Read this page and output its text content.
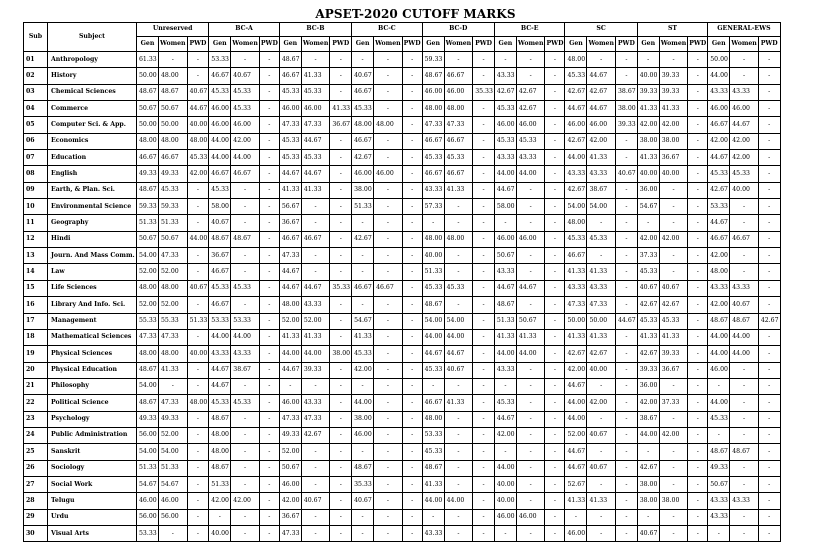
APSET-2020 CUTOFF MARKS
Sub	Subject	Unreserved			BC-A			BC-B			BC-C			BC-D			BC-E			SC			ST			GENERAL-EWS		
		Gen	Women	PWD	Gen	Women	PWD	Gen	Women	PWD	Gen	Women	PWD	Gen	Women	PWD	Gen	Women	PWD	Gen	Women	PWD	Gen	Women	PWD	Gen	Women	PWD
01	Anthropology	61.33	-	-	53.33	-	-	48.67	-	-	-	-	-	59.33	-	-	-	-	-	48.00	-	-	-	-	-	50.00	-	-
02	History	50.00	48.00	-	46.67	40.67	-	46.67	41.33	-	40.67	-	-	48.67	46.67	-	43.33	-	-	45.33	44.67	-	40.00	39.33	-	44.00	-	-
03	Chemical Sciences	48.67	48.67	40.67	45.33	45.33	-	45.33	45.33	-	46.67	-	-	46.00	46.00	35.33	42.67	42.67	-	42.67	42.67	38.67	39.33	39.33	-	43.33	43.33	-
04	Commerce	50.67	50.67	44.67	46.00	45.33	-	46.00	46.00	41.33	45.33	-	-	48.00	48.00	-	45.33	42.67	-	44.67	44.67	38.00	41.33	41.33	-	46.00	46.00	-
05	Computer Sci. & App.	50.00	50.00	40.00	46.00	46.00	-	47.33	47.33	36.67	48.00	48.00	-	47.33	47.33	-	46.00	46.00	-	46.00	46.00	39.33	42.00	42.00	-	46.67	44.67	-
06	Economics	48.00	48.00	48.00	44.00	42.00	-	45.33	44.67	-	46.67	-	-	46.67	46.67	-	45.33	45.33	-	42.67	42.00	-	38.00	38.00	-	42.00	42.00	-
07	Education	46.67	46.67	45.33	44.00	44.00	-	45.33	45.33	-	42.67	-	-	45.33	45.33	-	43.33	43.33	-	44.00	41.33	-	41.33	36.67	-	44.67	42.00	-
08	English	49.33	49.33	42.00	46.67	46.67	-	44.67	44.67	-	46.00	46.00	-	46.67	46.67	-	44.00	44.00	-	43.33	43.33	40.67	40.00	40.00	-	45.33	45.33	-
09	Earth, & Plan. Sci.	48.67	45.33	-	45.33	-	-	41.33	41.33	-	38.00	-	-	43.33	41.33	-	44.67	-	-	42.67	38.67	-	36.00	-	-	42.67	40.00	-
10	Environmental Science	59.33	59.33	-	58.00	-	-	56.67	-	-	51.33	-	-	57.33	-	-	58.00	-	-	54.00	54.00	-	54.67	-	-	53.33	-	-
11	Geography	51.33	51.33	-	40.67	-	-	36.67	-	-	-	-	-	-	-	-	-	-	-	48.00	-	-	-	-	-	44.67	-	-
12	Hindi	50.67	50.67	44.00	48.67	48.67	-	46.67	46.67	-	42.67	-	-	48.00	48.00	-	46.00	46.00	-	45.33	45.33	-	42.00	42.00	-	46.67	46.67	-
13	Journ. And Mass Comm.	54.00	47.33	-	36.67	-	-	47.33	-	-	-	-	-	40.00	-	-	50.67	-	-	46.67	-	-	37.33	-	-	42.00	-	-
14	Law	52.00	52.00	-	46.67	-	-	44.67	-	-	-	-	-	51.33	-	-	43.33	-	-	41.33	41.33	-	45.33	-	-	48.00	-	-
15	Life Sciences	48.00	48.00	40.67	45.33	45.33	-	44.67	44.67	35.33	46.67	46.67	-	45.33	45.33	-	44.67	44.67	-	43.33	43.33	-	40.67	40.67	-	43.33	43.33	-
16	Library And Info. Sci.	52.00	52.00	-	46.67	-	-	48.00	43.33	-	-	-	-	48.67	-	-	48.67	-	-	47.33	47.33	-	42.67	42.67	-	42.00	40.67	-
17	Management	55.33	55.33	51.33	53.33	53.33	-	52.00	52.00	-	54.67	-	-	54.00	54.00	-	51.33	50.67	-	50.00	50.00	44.67	45.33	45.33	-	48.67	48.67	42.67
18	Mathematical Sciences	47.33	47.33	-	44.00	44.00	-	41.33	41.33	-	41.33	-	-	44.00	44.00	-	41.33	41.33	-	41.33	41.33	-	41.33	41.33	-	44.00	44.00	-
19	Physical Sciences	48.00	48.00	40.00	43.33	43.33	-	44.00	44.00	38.00	45.33	-	-	44.67	44.67	-	44.00	44.00	-	42.67	42.67	-	42.67	39.33	-	44.00	44.00	-
20	Physical Education	48.67	41.33	-	44.67	38.67	-	44.67	39.33	-	42.00	-	-	45.33	40.67	-	43.33	-	-	42.00	40.00	-	39.33	36.67	-	46.00	-	-
21	Philosophy	54.00	-	-	44.67	-	-	-	-	-	-	-	-	-	-	-	-	-	-	44.67	-	-	36.00	-	-	-	-	-
22	Political Science	48.67	47.33	48.00	45.33	45.33	-	46.00	43.33	-	44.00	-	-	46.67	41.33	-	45.33	-	-	44.00	42.00	-	42.00	37.33	-	44.00	-	-
23	Psychology	49.33	49.33	-	48.67	-	-	47.33	47.33	-	38.00	-	-	48.00	-	-	44.67	-	-	44.00	-	-	38.67	-	-	45.33	-	-
24	Public Administration	56.00	52.00	-	48.00	-	-	49.33	42.67	-	46.00	-	-	53.33	-	-	42.00	-	-	52.00	40.67	-	44.00	42.00	-	-	-	-
25	Sanskrit	54.00	54.00	-	48.00	-	-	52.00	-	-	-	-	-	45.33	-	-	-	-	-	44.67	-	-	-	-	-	48.67	48.67	-
26	Sociology	51.33	51.33	-	48.67	-	-	50.67	-	-	48.67	-	-	48.67	-	-	44.00	-	-	44.67	40.67	-	42.67	-	-	49.33	-	-
27	Social Work	54.67	54.67	-	51.33	-	-	46.00	-	-	35.33	-	-	41.33	-	-	40.00	-	-	52.67	-	-	38.00	-	-	50.67	-	-
28	Telugu	46.00	46.00	-	42.00	42.00	-	42.00	40.67	-	40.67	-	-	44.00	44.00	-	40.00	-	-	41.33	41.33	-	38.00	38.00	-	43.33	43.33	-
29	Urdu	56.00	56.00	-	-	-	-	36.67	-	-	-	-	-	-	-	-	46.00	46.00	-	-	-	-	-	-	-	43.33	-	-
30	Visual Arts	53.33	-	-	40.00	-	-	47.33	-	-	-	-	-	43.33	-	-	-	-	-	46.00	-	-	40.67	-	-	-	-	-
